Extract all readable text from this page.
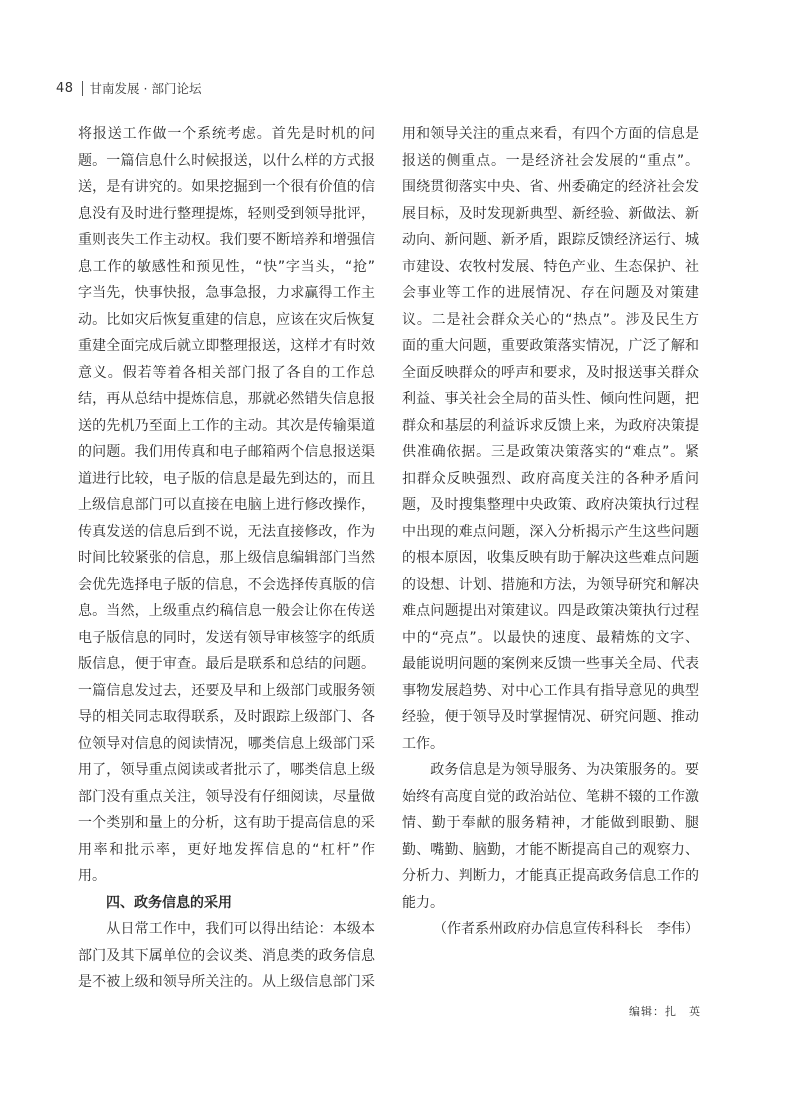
48 甘南发展 · 部门论坛
将报送工作做一个系统考虑。首先是时机的问
题。一篇信息什么时候报送，以什么样的方式报
送，是有讲究的。如果挖掘到一个很有价值的信
息没有及时进行整理提炼，轻则受到领导批评，
重则丧失工作主动权。我们要不断培养和增强信
息工作的敏感性和预见性，“快”字当头，“抢”
字当先，快事快报，急事急报，力求赢得工作主
动。比如灾后恢复重建的信息，应该在灾后恢复
重建全面完成后就立即整理报送，这样才有时效
意义。假若等着各相关部门报了各自的工作总
结，再从总结中提炼信息，那就必然错失信息报
送的先机乃至面上工作的主动。其次是传输渠道
的问题。我们用传真和电子邮箱两个信息报送渠
道进行比较，电子版的信息是最先到达的，而且
上级信息部门可以直接在电脑上进行修改操作，
传真发送的信息后到不说，无法直接修改，作为
时间比较紧张的信息，那上级信息编辑部门当然
会优先选择电子版的信息，不会选择传真版的信
息。当然，上级重点约稿信息一般会让你在传送
电子版信息的同时，发送有领导审核签字的纸质
版信息，便于审查。最后是联系和总结的问题。
一篇信息发过去，还要及早和上级部门或服务领
导的相关同志取得联系，及时跟踪上级部门、各
位领导对信息的阅读情况，哪类信息上级部门采
用了，领导重点阅读或者批示了，哪类信息上级
部门没有重点关注，领导没有仔细阅读，尽量做
一个类别和量上的分析，这有助于提高信息的采
用率和批示率，更好地发挥信息的“杠杆”作
用。
四、政务信息的采用
　　从日常工作中，我们可以得出结论：本级本
部门及其下属单位的会议类、消息类的政务信息
是不被上级和领导所关注的。从上级信息部门采
用和领导关注的重点来看，有四个方面的信息是
报送的侧重点。一是经济社会发展的“重点”。
围绕贯彻落实中央、省、州委确定的经济社会发
展目标，及时发现新典型、新经验、新做法、新
动向、新问题、新矛盾，跟踪反馈经济运行、城
市建设、农牧村发展、特色产业、生态保护、社
会事业等工作的进展情况、存在问题及对策建
议。二是社会群众关心的“热点”。涉及民生方
面的重大问题，重要政策落实情况，广泛了解和
全面反映群众的呼声和要求，及时报送事关群众
利益、事关社会全局的苗头性、倾向性问题，把
群众和基层的利益诉求反馈上来，为政府决策提
供准确依据。三是政策决策落实的“难点”。紧
扣群众反映强烈、政府高度关注的各种矛盾问
题，及时搜集整理中央政策、政府决策执行过程
中出现的难点问题，深入分析揭示产生这些问题
的根本原因，收集反映有助于解决这些难点问题
的设想、计划、措施和方法，为领导研究和解决
难点问题提出对策建议。四是政策决策执行过程
中的“亮点”。以最快的速度、最精炼的文字、
最能说明问题的案例来反馈一些事关全局、代表
事物发展趋势、对中心工作具有指导意见的典型
经验，便于领导及时掌握情况、研究问题、推动
工作。
　　政务信息是为领导服务、为决策服务的。要
始终有高度自觉的政治站位、笔耕不辍的工作激
情、勤于奉献的服务精神，才能做到眼勤、腿
勤、嘴勤、脑勤，才能不断提高自己的观察力、
分析力、判断力，才能真正提高政务信息工作的
能力。
（作者系州政府办信息宣传科科长　李伟）
编辑：扎　英
